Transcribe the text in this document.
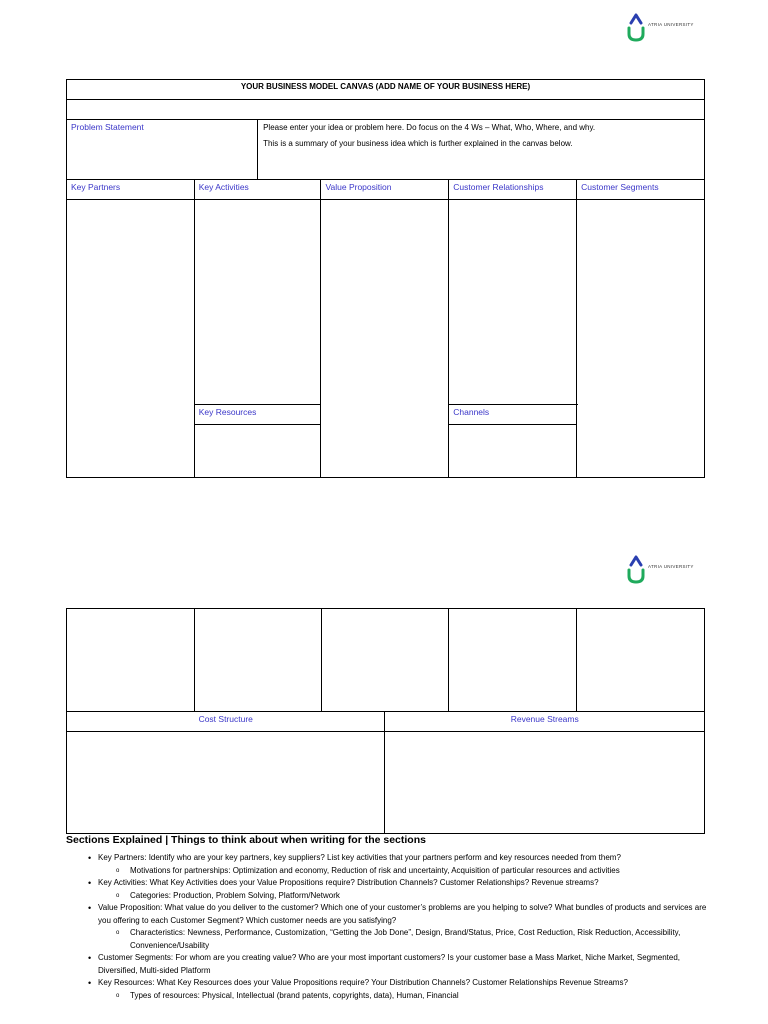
ATRIA UNIVERSITY
YOUR BUSINESS MODEL CANVAS (ADD NAME OF YOUR BUSINESS HERE)					

Problem Statement		Please enter your idea or problem here. Do focus on the 4 Ws – What, Who, Where, and why.
This is a summary of your business idea which is further explained in the canvas below.			

Key Partners	Key Activities		Value Proposition	Customer Relationships	Customer Segments

	Key Resources			Channels	

ATRIA UNIVERSITY

Cost Structure			Revenue Streams		

Sections Explained | Things to think about when writing for the sections
• Key Partners: Identify who are your key partners, key suppliers? List key activities that your partners perform and key resources needed from them?
o Motivations for partnerships: Optimization and economy, Reduction of risk and uncertainty, Acquisition of particular resources and activities
• Key Activities: What Key Activities does your Value Propositions require? Distribution Channels? Customer Relationships? Revenue streams?
o Categories: Production, Problem Solving, Platform/Network
• Value Proposition: What value do you deliver to the customer? Which one of your customer’s problems are you helping to solve? What bundles of products and services are you offering to each Customer Segment? Which customer needs are you satisfying?
o Characteristics: Newness, Performance, Customization, “Getting the Job Done”, Design, Brand/Status, Price, Cost Reduction, Risk Reduction, Accessibility, Convenience/Usability
• Customer Segments: For whom are you creating value? Who are your most important customers? Is your customer base a Mass Market, Niche Market, Segmented, Diversified, Multi-sided Platform
• Key Resources: What Key Resources does your Value Propositions require? Your Distribution Channels? Customer Relationships Revenue Streams?
o Types of resources: Physical, Intellectual (brand patents, copyrights, data), Human, Financial
